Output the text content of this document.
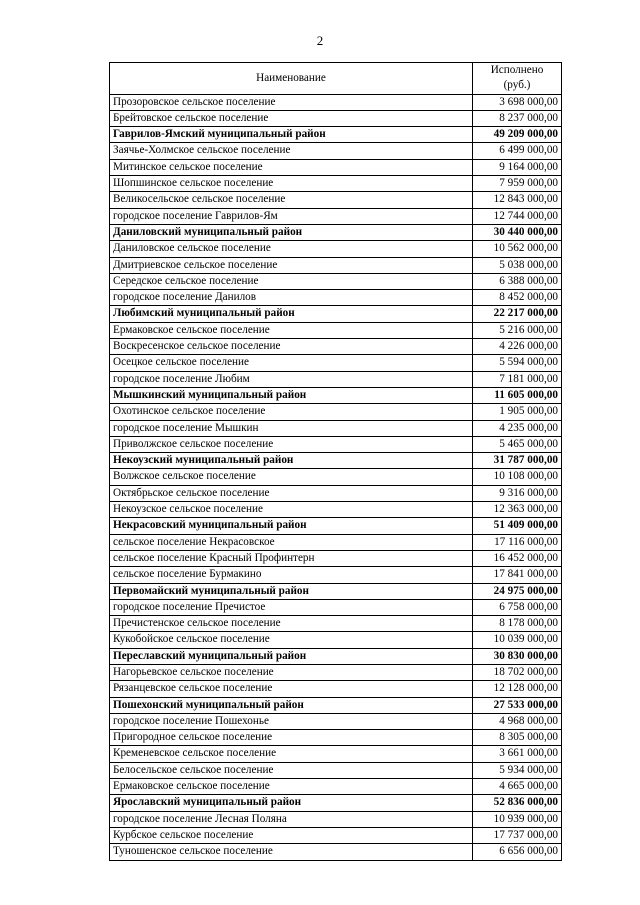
2
Наименование	Исполнено
(руб.)

Прозоровское сельское поселение	3 698 000,00
Брейтовское сельское поселение	8 237 000,00
Гаврилов-Ямский муниципальный район	49 209 000,00
Заячье-Холмское сельское поселение	6 499 000,00
Митинское сельское поселение	9 164 000,00
Шопшинское сельское поселение	7 959 000,00
Великосельское сельское поселение	12 843 000,00
городское поселение Гаврилов-Ям	12 744 000,00
Даниловский муниципальный район	30 440 000,00
Даниловское сельское поселение	10 562 000,00
Дмитриевское сельское поселение	5 038 000,00
Середское сельское поселение	6 388 000,00
городское поселение Данилов	8 452 000,00
Любимский муниципальный район	22 217 000,00
Ермаковское сельское поселение	5 216 000,00
Воскресенское сельское поселение	4 226 000,00
Осецкое сельское поселение	5 594 000,00
городское поселение Любим	7 181 000,00
Мышкинский муниципальный район	11 605 000,00
Охотинское сельское поселение	1 905 000,00
городское поселение Мышкин	4 235 000,00
Приволжское сельское поселение	5 465 000,00
Некоузский муниципальный район	31 787 000,00
Волжское сельское поселение	10 108 000,00
Октябрьское сельское поселение	9 316 000,00
Некоузское сельское поселение	12 363 000,00
Некрасовский муниципальный район	51 409 000,00
сельское поселение Некрасовское	17 116 000,00
сельское поселение Красный Профинтерн	16 452 000,00
сельское поселение Бурмакино	17 841 000,00
Первомайский муниципальный район	24 975 000,00
городское поселение Пречистое	6 758 000,00
Пречистенское сельское поселение	8 178 000,00
Кукобойское сельское поселение	10 039 000,00
Переславский муниципальный район	30 830 000,00
Нагорьевское сельское поселение	18 702 000,00
Рязанцевское сельское поселение	12 128 000,00
Пошехонский муниципальный район	27 533 000,00
городское поселение Пошехонье	4 968 000,00
Пригородное сельское поселение	8 305 000,00
Кременевское сельское поселение	3 661 000,00
Белосельское сельское поселение	5 934 000,00
Ермаковское сельское поселение	4 665 000,00
Ярославский муниципальный район	52 836 000,00
городское поселение Лесная Поляна	10 939 000,00
Курбское сельское поселение	17 737 000,00
Туношенское сельское поселение	6 656 000,00
